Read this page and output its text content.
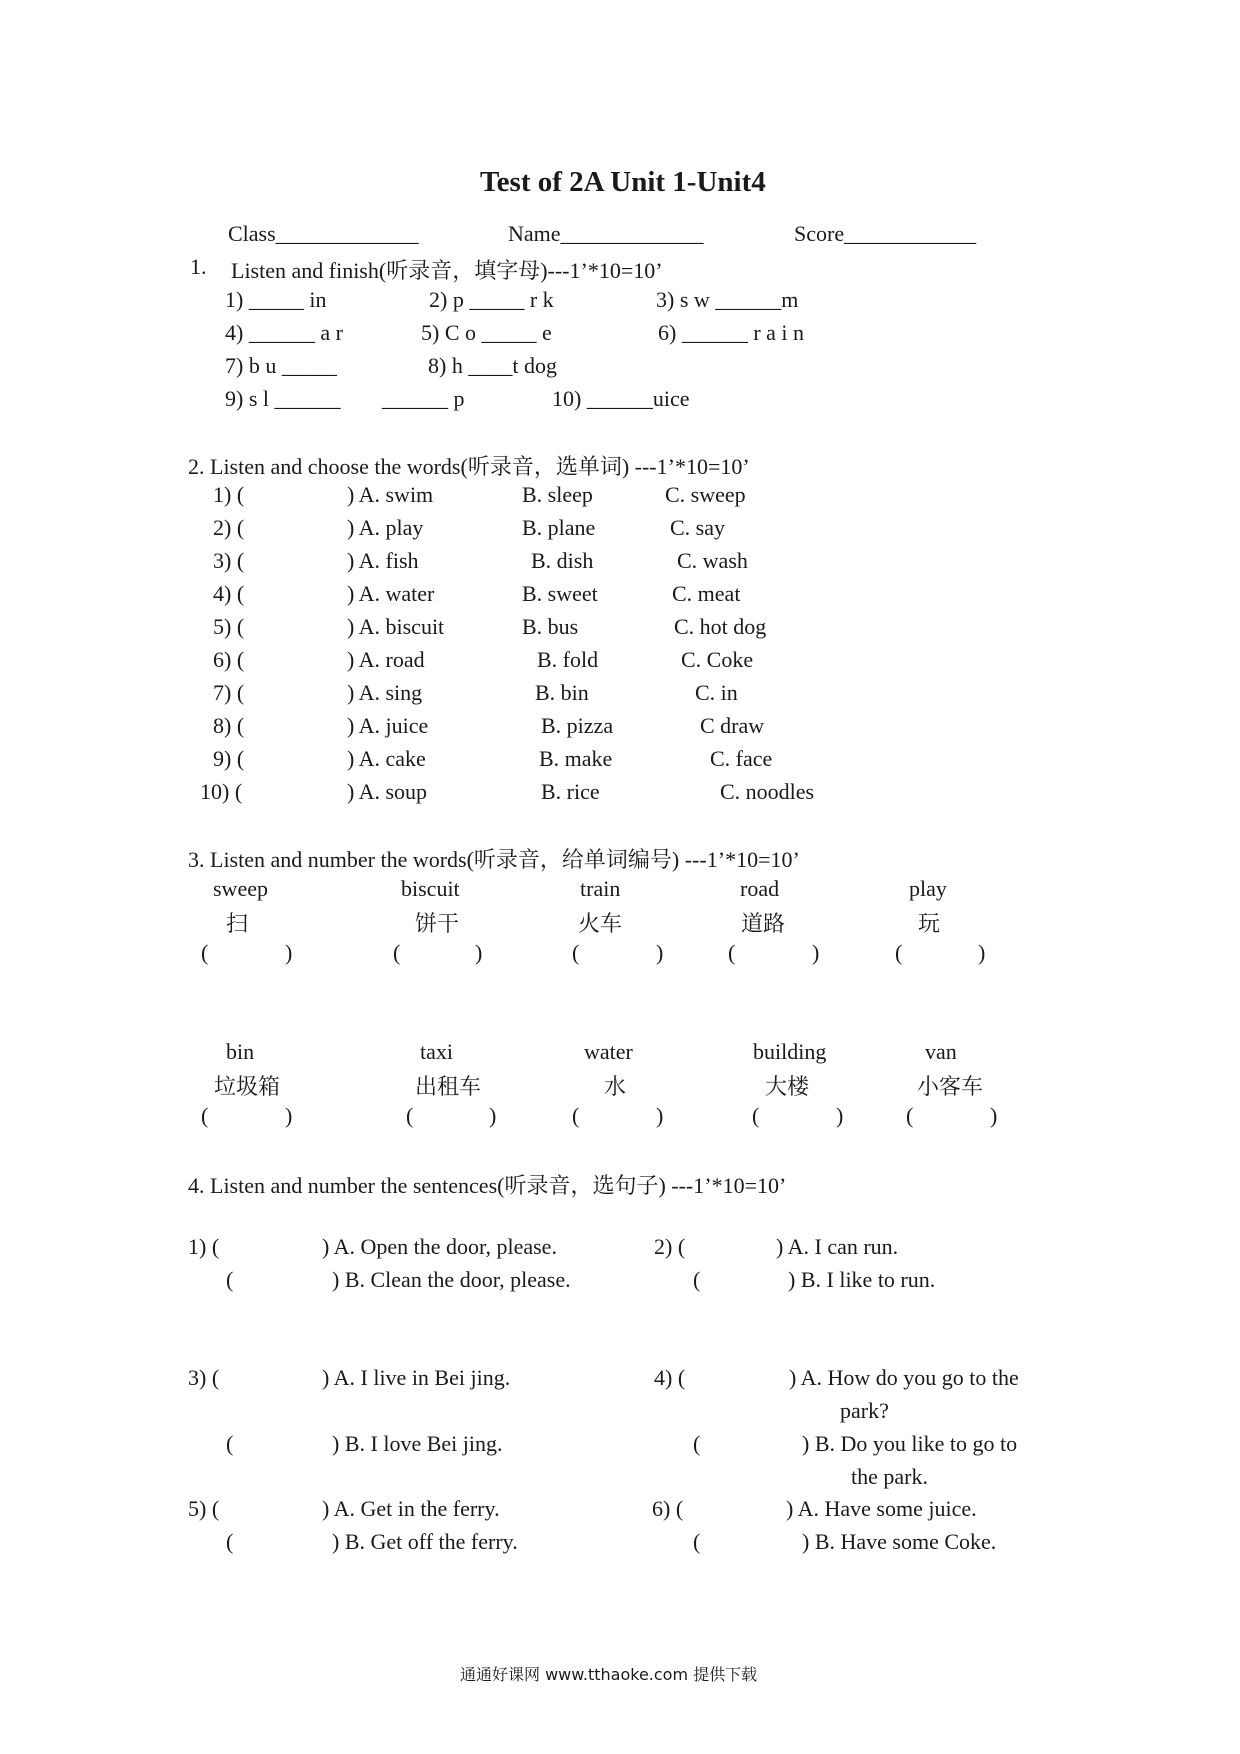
Test of 2A Unit 1-Unit4
Class_____________	Name_____________	Score____________
1. Listen and finish(听录音，填字母)---1’*10=10’
1) _____ in	2) p _____ r k	3) s w ______m
4) ______ a r	5) C o _____ e	6) ______ r a i n
7) b u _____	8) h ____t dog
9) s l ______ ______ p	10) ______uice
2. Listen and choose the words(听录音，选单词) ---1’*10=10’
1) (	) A. swim	B. sleep	C. sweep
2) (	) A. play	B. plane	C. say
3) (	) A. fish	B. dish	C. wash
4) (	) A. water	B. sweet	C. meat
5) (	) A. biscuit	B. bus	C. hot dog
6) (	) A. road	B. fold	C. Coke
7) (	) A. sing	B. bin	C. in
8) (	) A. juice	B. pizza	C draw
9) (	) A. cake	B. make	C. face
10) (	) A. soup	B. rice	C. noodles
3. Listen and number the words(听录音，给单词编号) ---1’*10=10’
sweep	biscuit	train	road	play
扫	饼干	火车	道路	玩
(	)	(	)	(	)	(	)	(	)
bin	taxi	water	building	van
垃圾箱	出租车	水	大楼	小客车
(	)	(	)	(	)	(	)	(	)
4. Listen and number the sentences(听录音，选句子) ---1’*10=10’
1) (	) A. Open the door, please.
(	) B. Clean the door, please.
2) (	) A. I can run.
(	) B. I like to run.
3) (	) A. I live in Bei jing.
(	) B. I love Bei jing.
4) (	) A. How do you go to the
park?
(	) B. Do you like to go to
the park.
5) (	) A. Get in the ferry.
(	) B. Get off the ferry.
6) (	) A. Have some juice.
(	) B. Have some Coke.
通通好课网 www.tthaoke.com 提供下载
